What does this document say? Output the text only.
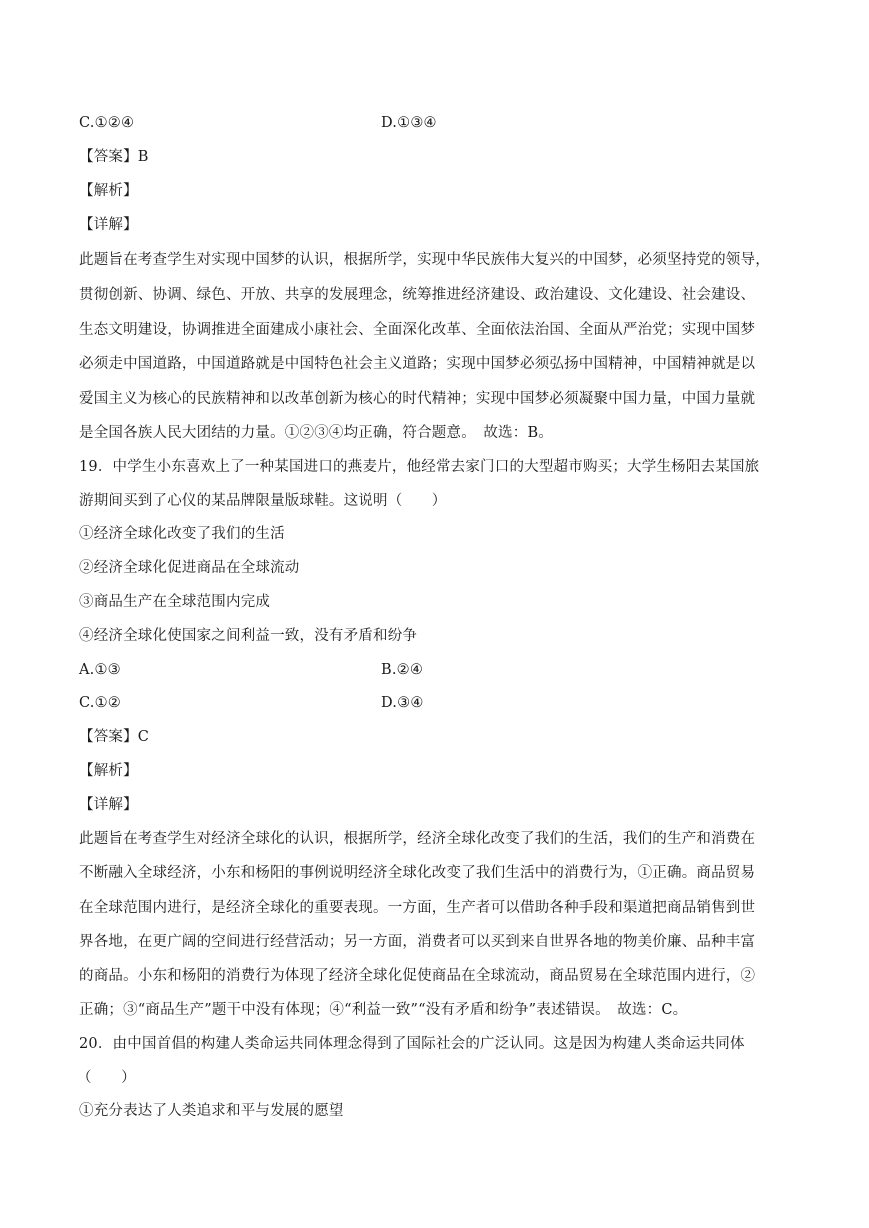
C.①②④	D.①③④
【答案】B
【解析】
【详解】
此题旨在考查学生对实现中国梦的认识，根据所学，实现中华民族伟大复兴的中国梦，必须坚持党的领导，
贯彻创新、协调、绿色、开放、共享的发展理念，统筹推进经济建设、政治建设、文化建设、社会建设、
生态文明建设，协调推进全面建成小康社会、全面深化改革、全面依法治国、全面从严治党；实现中国梦
必须走中国道路，中国道路就是中国特色社会主义道路；实现中国梦必须弘扬中国精神，中国精神就是以
爱国主义为核心的民族精神和以改革创新为核心的时代精神；实现中国梦必须凝聚中国力量，中国力量就
是全国各族人民大团结的力量。①②③④均正确，符合题意。　故选：B。
19．中学生小东喜欢上了一种某国进口的燕麦片，他经常去家门口的大型超市购买；大学生杨阳去某国旅
游期间买到了心仪的某品牌限量版球鞋。这说明（　　）
①经济全球化改变了我们的生活
②经济全球化促进商品在全球流动
③商品生产在全球范围内完成
④经济全球化使国家之间利益一致，没有矛盾和纷争
A.①③	B.②④
C.①②	D.③④
【答案】C
【解析】
【详解】
此题旨在考查学生对经济全球化的认识，根据所学，经济全球化改变了我们的生活，我们的生产和消费在
不断融入全球经济，小东和杨阳的事例说明经济全球化改变了我们生活中的消费行为，①正确。商品贸易
在全球范围内进行，是经济全球化的重要表现。一方面，生产者可以借助各种手段和渠道把商品销售到世
界各地，在更广阔的空间进行经营活动；另一方面，消费者可以买到来自世界各地的物美价廉、品种丰富
的商品。小东和杨阳的消费行为体现了经济全球化促使商品在全球流动，商品贸易在全球范围内进行，②
正确；③“商品生产”题干中没有体现；④“利益一致”“没有矛盾和纷争”表述错误。　故选：C。
20．由中国首倡的构建人类命运共同体理念得到了国际社会的广泛认同。这是因为构建人类命运共同体
（　　）
①充分表达了人类追求和平与发展的愿望
